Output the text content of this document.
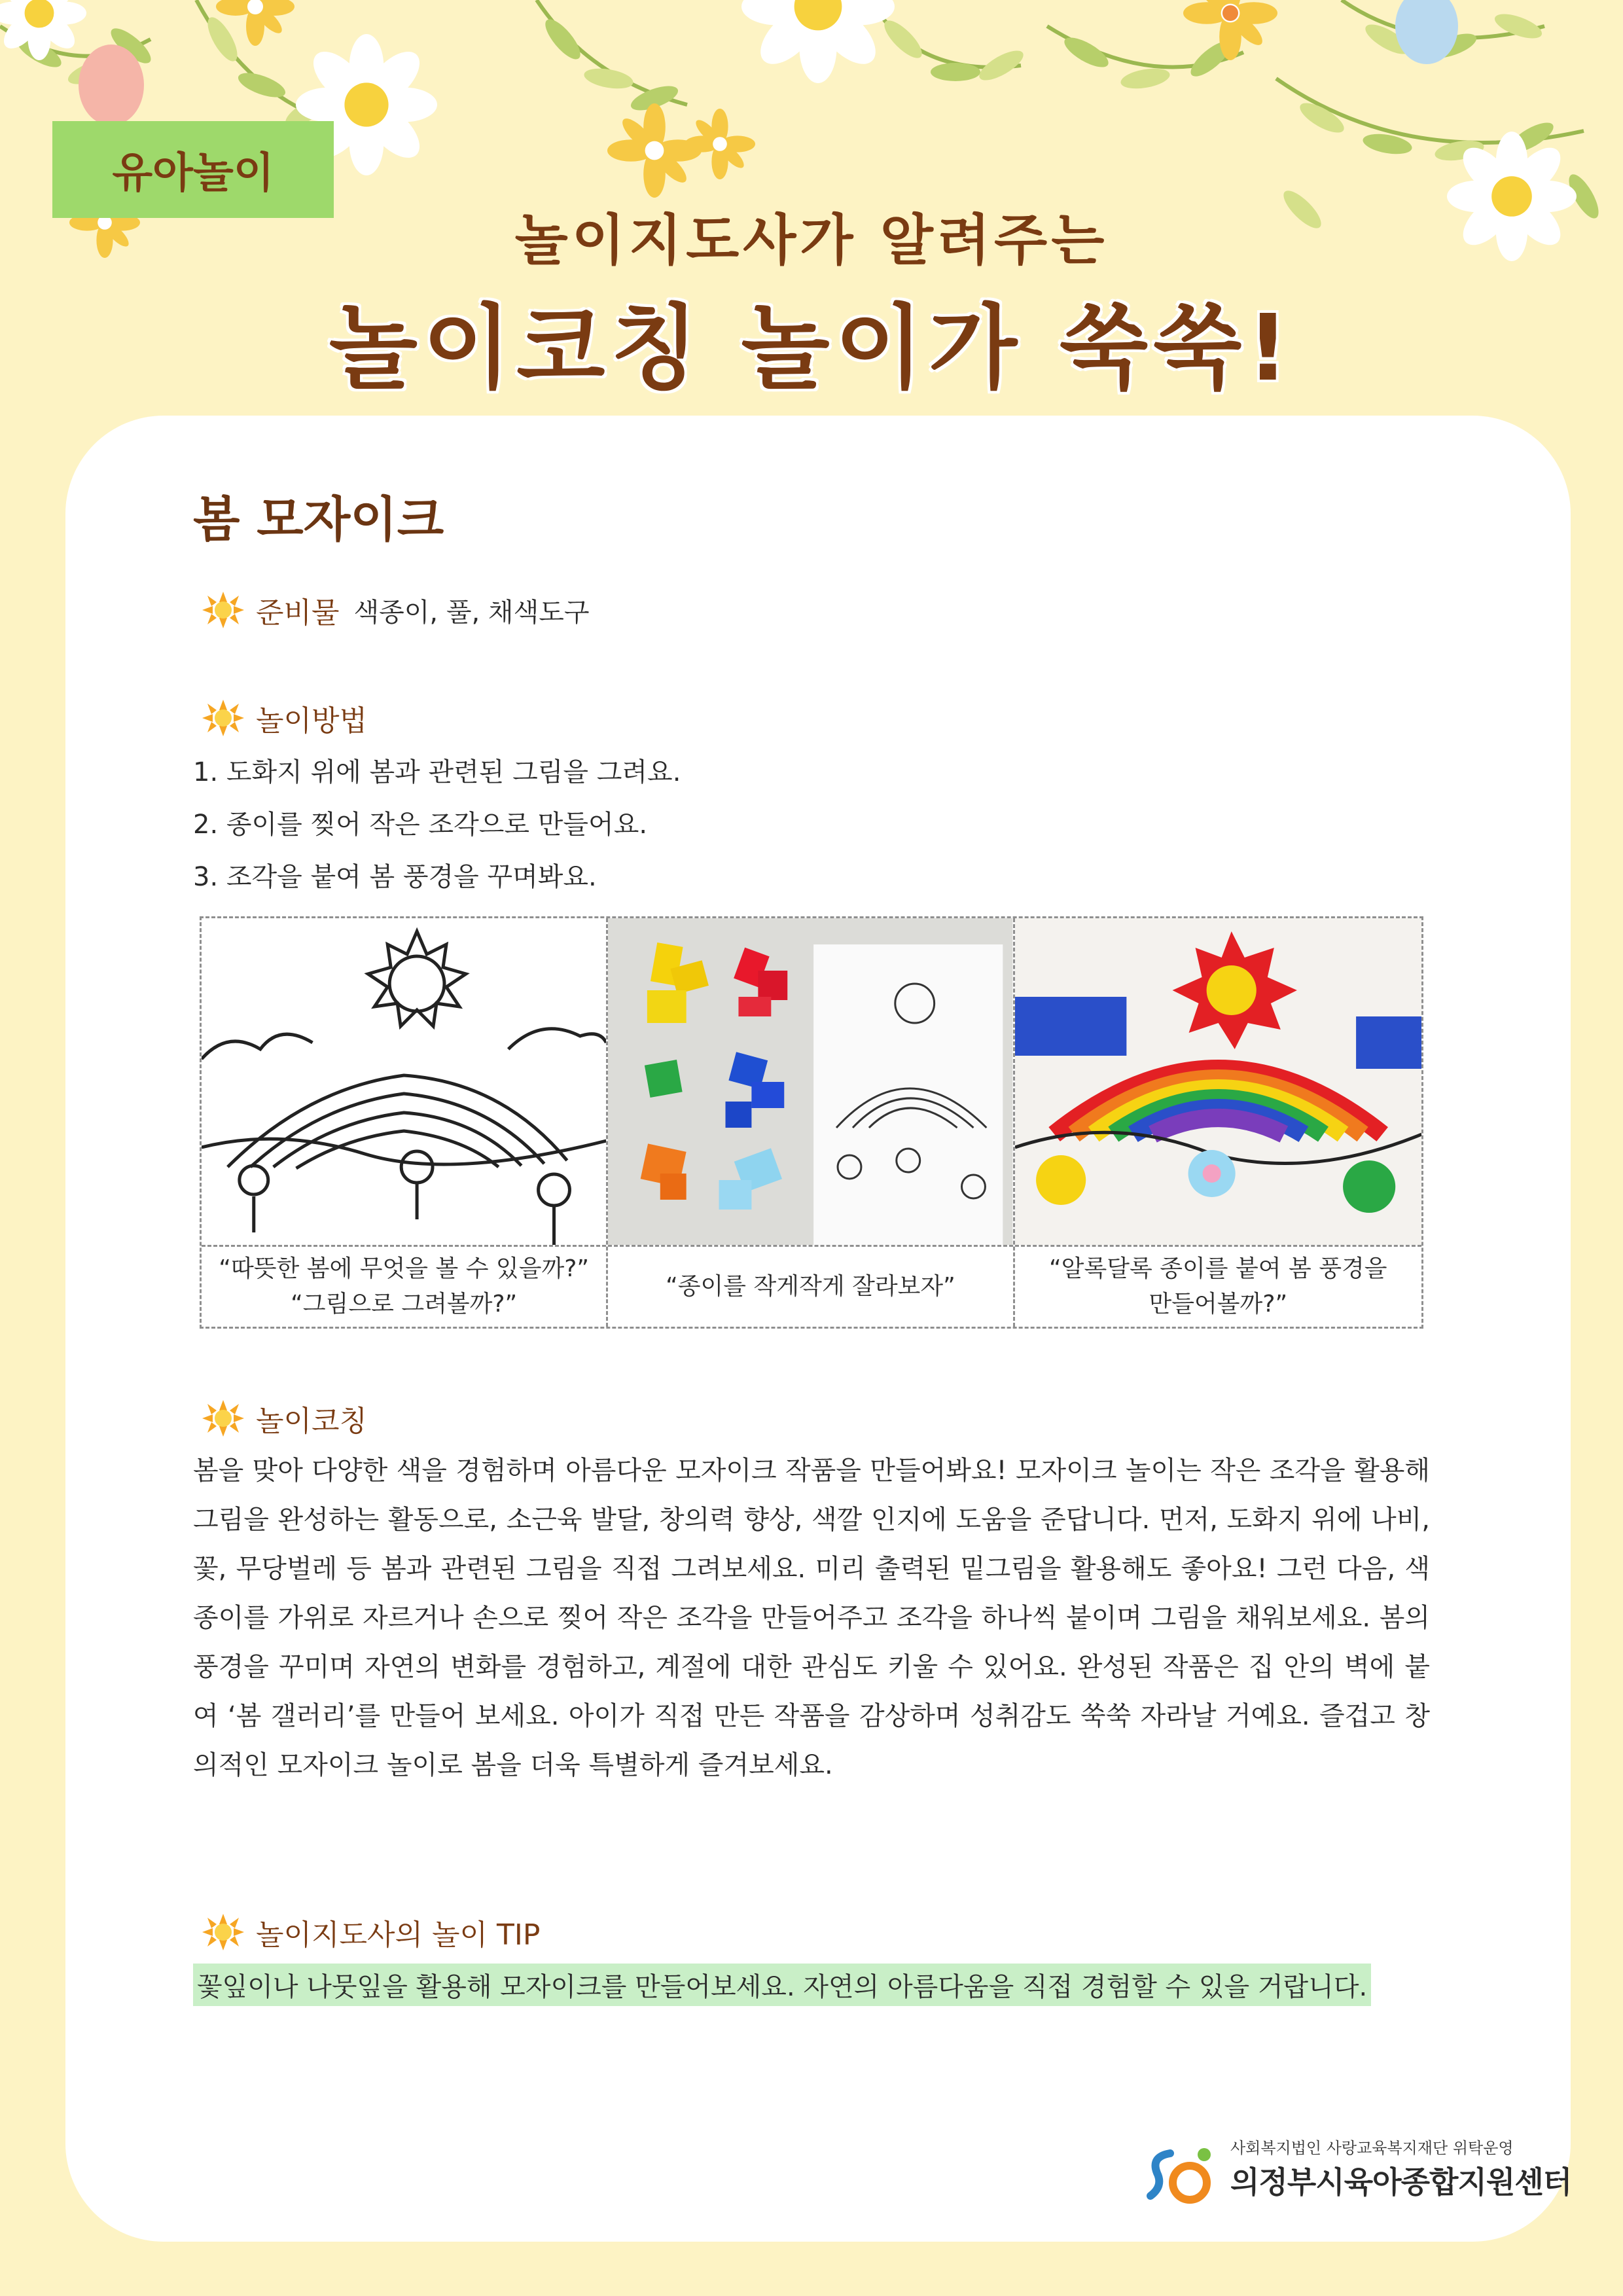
유아놀이
놀이지도사가 알려주는
놀이코칭 놀이가 쑥쑥!
봄 모자이크
준비물 색종이, 풀, 채색도구
놀이방법
1. 도화지 위에 봄과 관련된 그림을 그려요.
2. 종이를 찢어 작은 조각으로 만들어요.
3. 조각을 붙여 봄 풍경을 꾸며봐요.
“따뜻한 봄에 무엇을 볼 수 있을까?”
“그림으로 그려볼까?”
“종이를 작게작게 잘라보자”
“알록달록 종이를 붙여 봄 풍경을
만들어볼까?”
놀이코칭
봄을 맞아 다양한 색을 경험하며 아름다운 모자이크 작품을 만들어봐요! 모자이크 놀이는 작은 조각을 활용해 그림을 완성하는 활동으로, 소근육 발달, 창의력 향상, 색깔 인지에 도움을 준답니다. 먼저, 도화지 위에 나비, 꽃, 무당벌레 등 봄과 관련된 그림을 직접 그려보세요. 미리 출력된 밑그림을 활용해도 좋아요! 그런 다음, 색종이를 가위로 자르거나 손으로 찢어 작은 조각을 만들어주고 조각을 하나씩 붙이며 그림을 채워보세요. 봄의 풍경을 꾸미며 자연의 변화를 경험하고, 계절에 대한 관심도 키울 수 있어요. 완성된 작품은 집 안의 벽에 붙여 ‘봄 갤러리’를 만들어 보세요. 아이가 직접 만든 작품을 감상하며 성취감도 쑥쑥 자라날 거예요. 즐겁고 창의적인 모자이크 놀이로 봄을 더욱 특별하게 즐겨보세요.
놀이지도사의 놀이 TIP
꽃잎이나 나뭇잎을 활용해 모자이크를 만들어보세요. 자연의 아름다움을 직접 경험할 수 있을 거랍니다.
사회복지법인 사랑교육복지재단 위탁운영
의정부시육아종합지원센터
